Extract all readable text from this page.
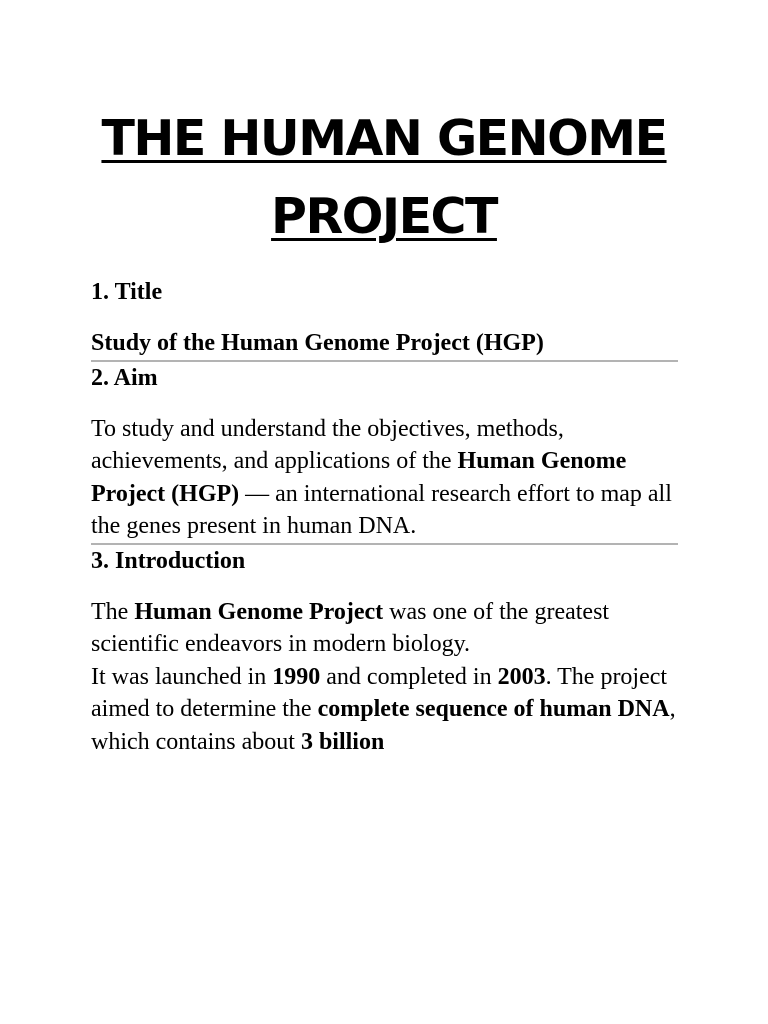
THE HUMAN GENOME
PROJECT
1. Title

Study of the Human Genome Project (HGP)

2. Aim

To study and understand the objectives, methods, achievements, and applications of the Human Genome Project (HGP) — an international research effort to map all the genes present in human DNA.

3. Introduction

The Human Genome Project was one of the greatest scientific endeavors in modern biology.
It was launched in 1990 and completed in 2003. The project aimed to determine the complete sequence of human DNA, which contains about 3 billion
